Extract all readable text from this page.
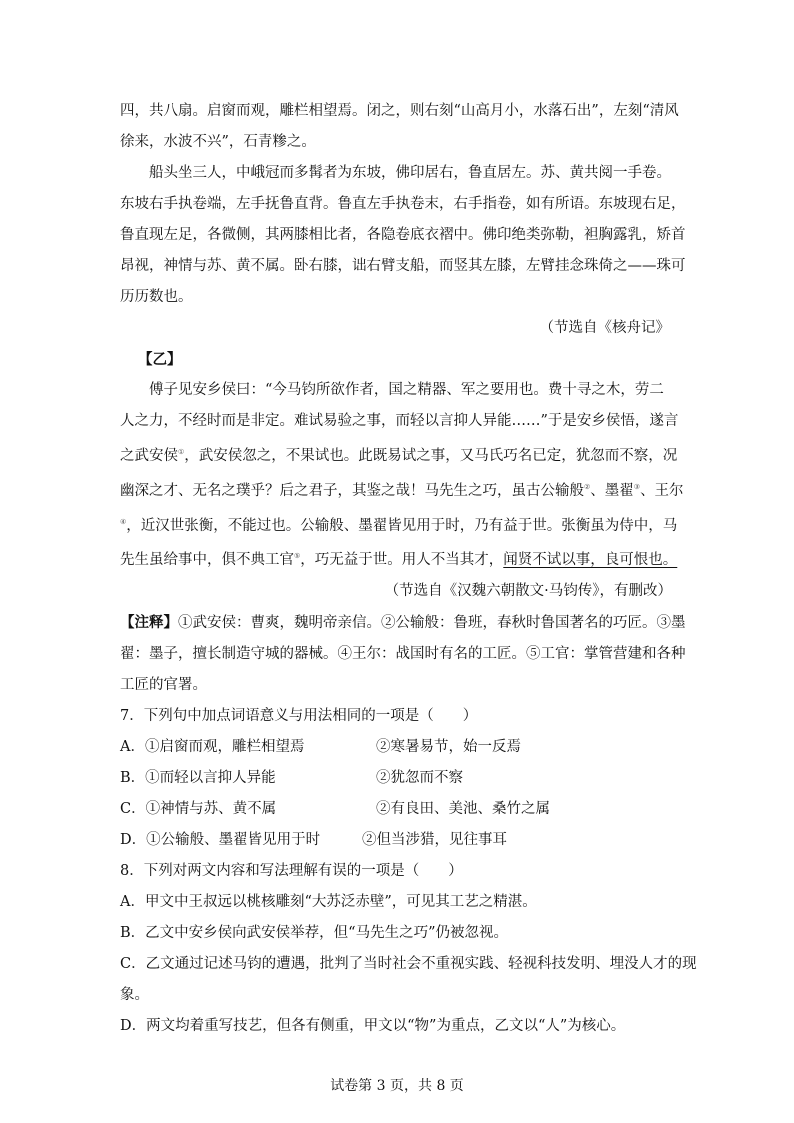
四，共八扇。启窗而观，雕栏相望焉。闭之，则右刻“山高月小，水落石出”，左刻“清风
徐来，水波不兴”，石青糁之。
船头坐三人，中峨冠而多髯者为东坡，佛印居右，鲁直居左。苏、黄共阅一手卷。
东坡右手执卷端，左手抚鲁直背。鲁直左手执卷末，右手指卷，如有所语。东坡现右足，
鲁直现左足，各微侧，其两膝相比者，各隐卷底衣褶中。佛印绝类弥勒，袒胸露乳，矫首
昂视，神情与苏、黄不属。卧右膝，诎右臂支船，而竖其左膝，左臂挂念珠倚之——珠可
历历数也。
（节选自《核舟记》
【乙】
傅子见安乡侯曰：“今马钧所欲作者，国之精器、军之要用也。费十寻之木，劳二
人之力，不经时而是非定。难试易验之事，而轻以言抑人异能……”于是安乡侯悟，遂言
之武安侯①，武安侯忽之，不果试也。此既易试之事，又马氏巧名已定，犹忽而不察，况
幽深之才、无名之璞乎？后之君子，其鉴之哉！马先生之巧，虽古公输般②、墨翟③、王尔
④，近汉世张衡，不能过也。公输般、墨翟皆见用于时，乃有益于世。张衡虽为侍中，马
先生虽给事中，俱不典工官⑤，巧无益于世。用人不当其才，闻贤不试以事，良可恨也。
（节选自《汉魏六朝散文·马钧传》，有删改）
【注释】①武安侯：曹爽，魏明帝亲信。②公输般：鲁班，春秋时鲁国著名的巧匠。③墨
翟：墨子，擅长制造守城的器械。④王尔：战国时有名的工匠。⑤工官：掌管营建和各种
工匠的官署。
7．下列句中加点词语意义与用法相同的一项是（　　）
A．①启窗而观，雕栏相望焉	②寒暑易节，始一反焉
B．①而轻以言抑人异能	②犹忽而不察
C．①神情与苏、黄不属	②有良田、美池、桑竹之属
D．①公输般、墨翟皆见用于时	②但当涉猎，见往事耳
8．下列对两文内容和写法理解有误的一项是（　　）
A．甲文中王叔远以桃核雕刻“大苏泛赤壁”，可见其工艺之精湛。
B．乙文中安乡侯向武安侯举荐，但“马先生之巧”仍被忽视。
C．乙文通过记述马钧的遭遇，批判了当时社会不重视实践、轻视科技发明、埋没人才的现
象。
D．两文均着重写技艺，但各有侧重，甲文以“物”为重点，乙文以“人”为核心。
试卷第 3 页，共 8 页
